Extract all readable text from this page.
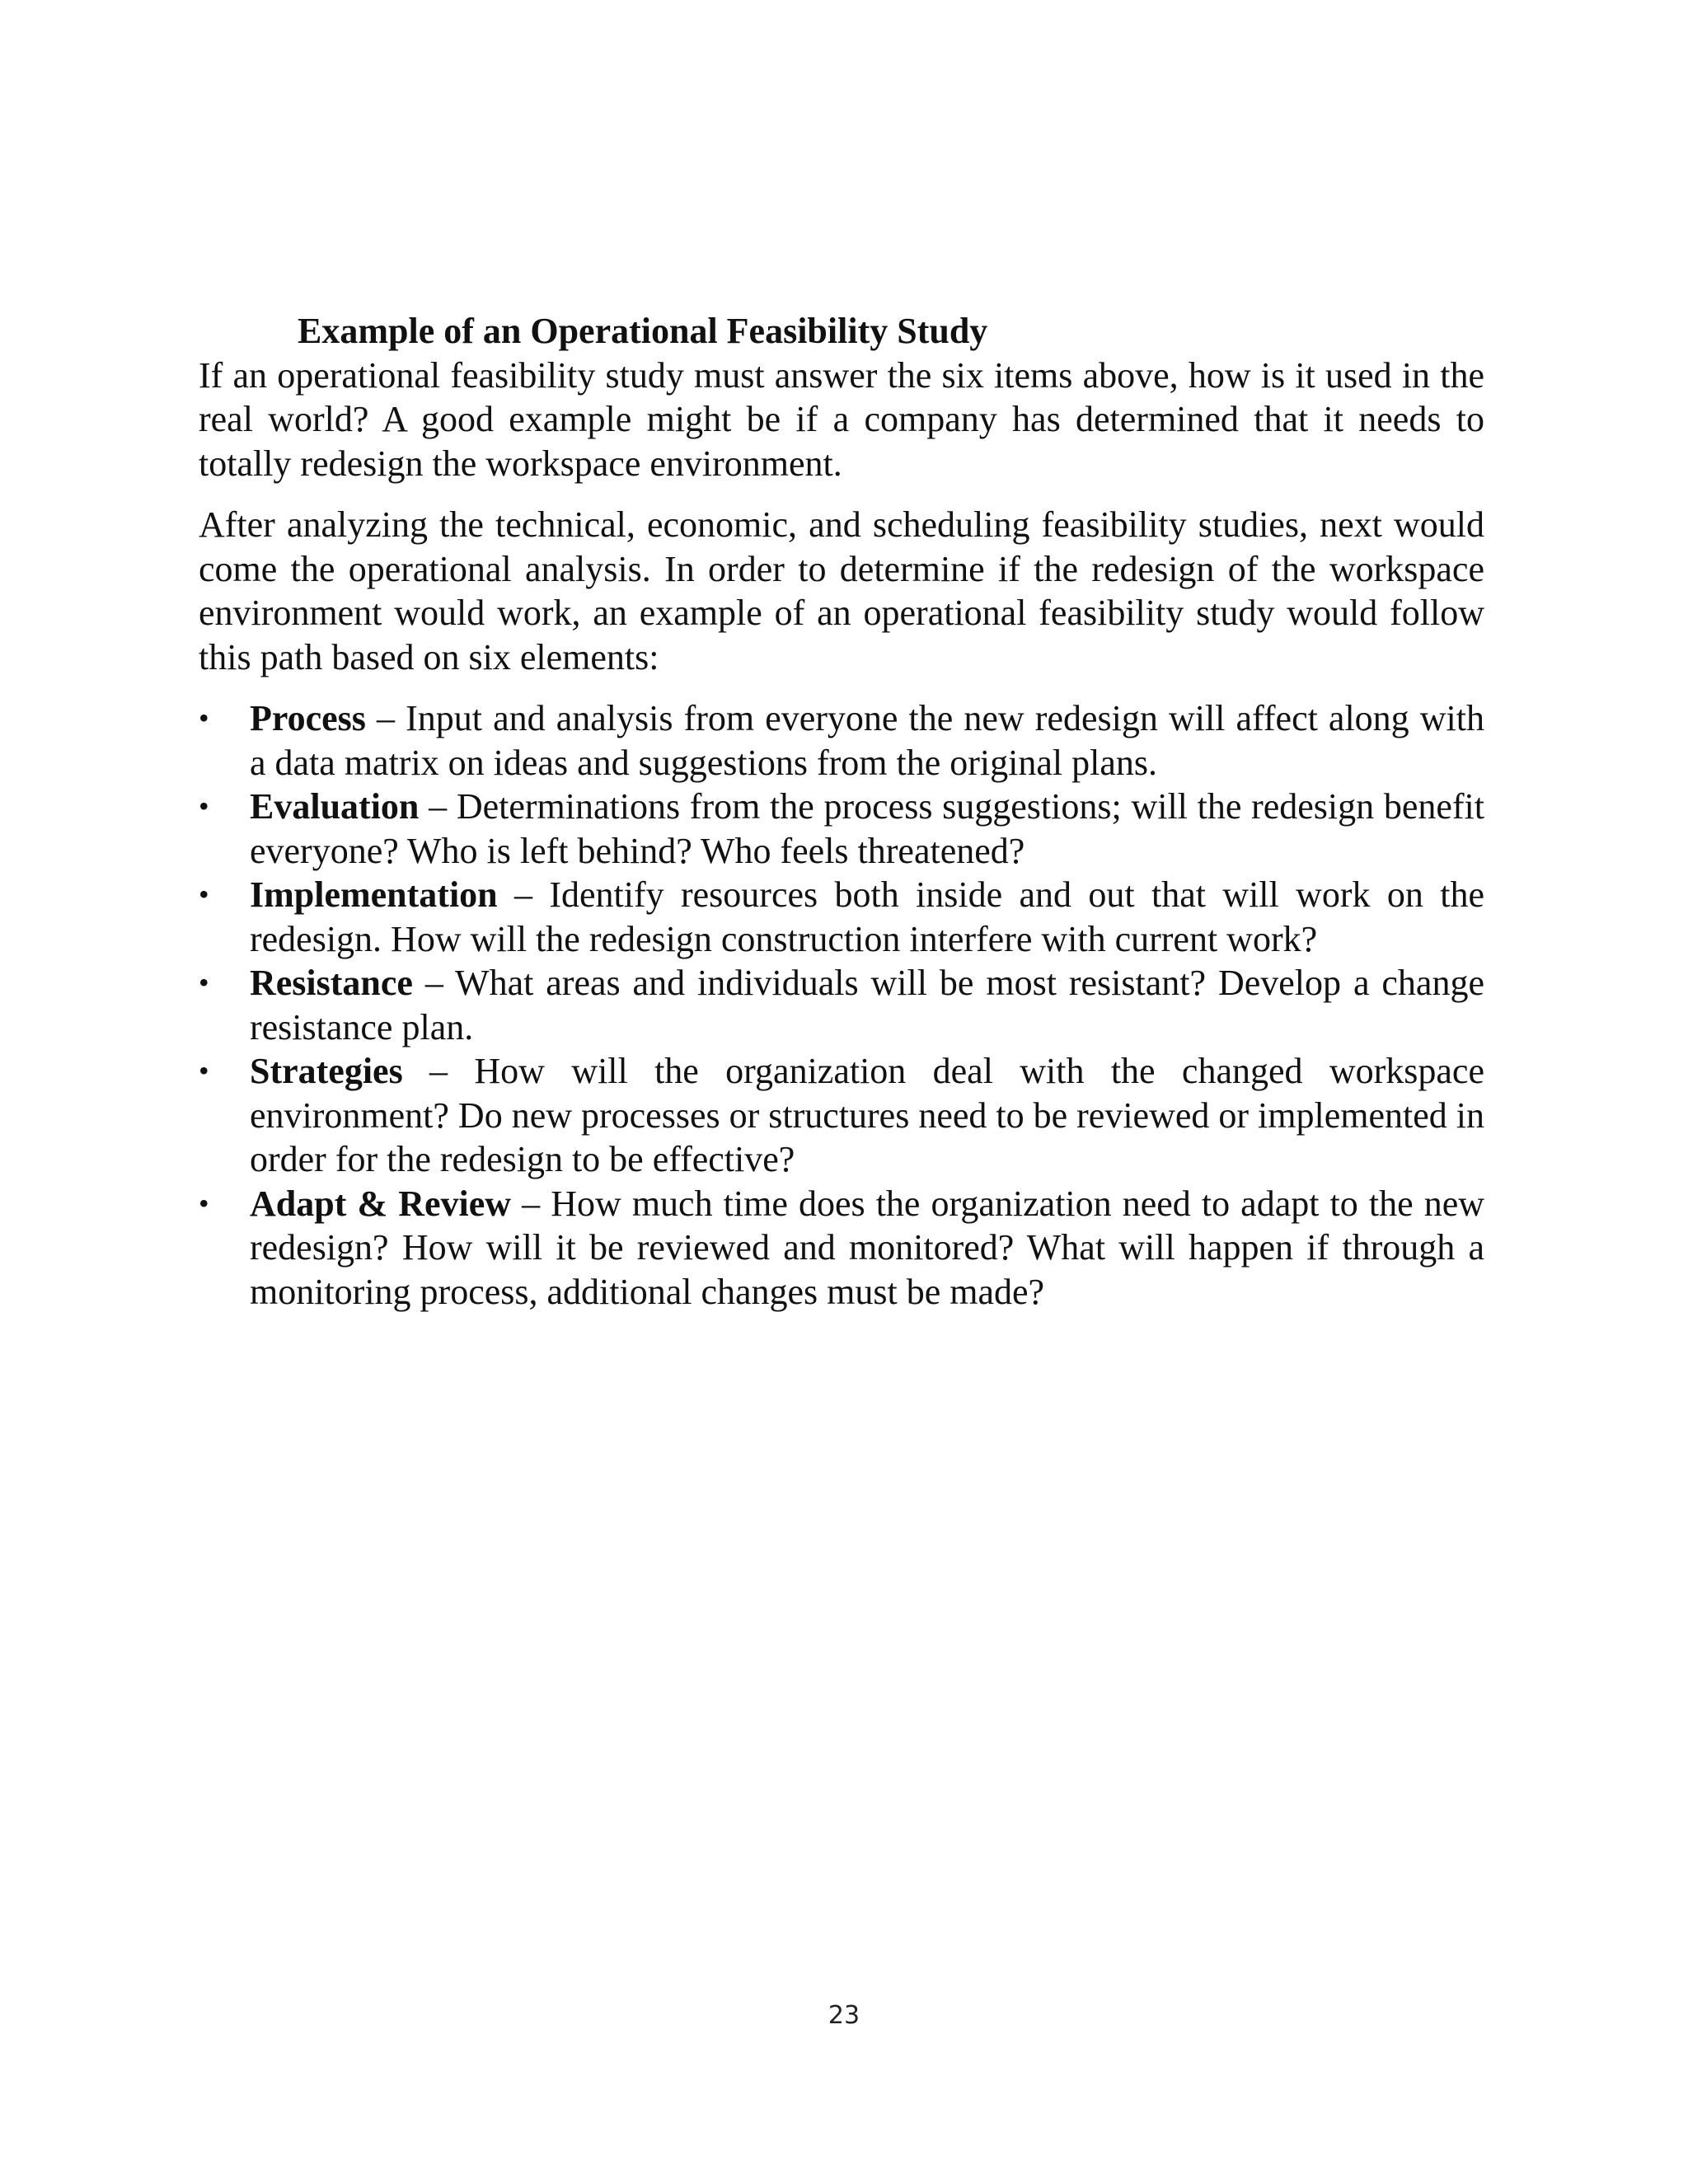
Example of an Operational Feasibility Study

If an operational feasibility study must answer the six items above, how is it used in the real world? A good example might be if a company has determined that it needs to totally redesign the workspace environment.

After analyzing the technical, economic, and scheduling feasibility studies, next would come the operational analysis. In order to determine if the redesign of the workspace environment would work, an example of an operational feasibility study would follow this path based on six elements:

• Process – Input and analysis from everyone the new redesign will affect along with a data matrix on ideas and suggestions from the original plans.
• Evaluation – Determinations from the process suggestions; will the redesign benefit everyone? Who is left behind? Who feels threatened?
• Implementation – Identify resources both inside and out that will work on the redesign. How will the redesign construction interfere with current work?
• Resistance – What areas and individuals will be most resistant? Develop a change resistance plan.
• Strategies – How will the organization deal with the changed workspace environment? Do new processes or structures need to be reviewed or implemented in order for the redesign to be effective?
• Adapt & Review – How much time does the organization need to adapt to the new redesign? How will it be reviewed and monitored? What will happen if through a monitoring process, additional changes must be made?
23
